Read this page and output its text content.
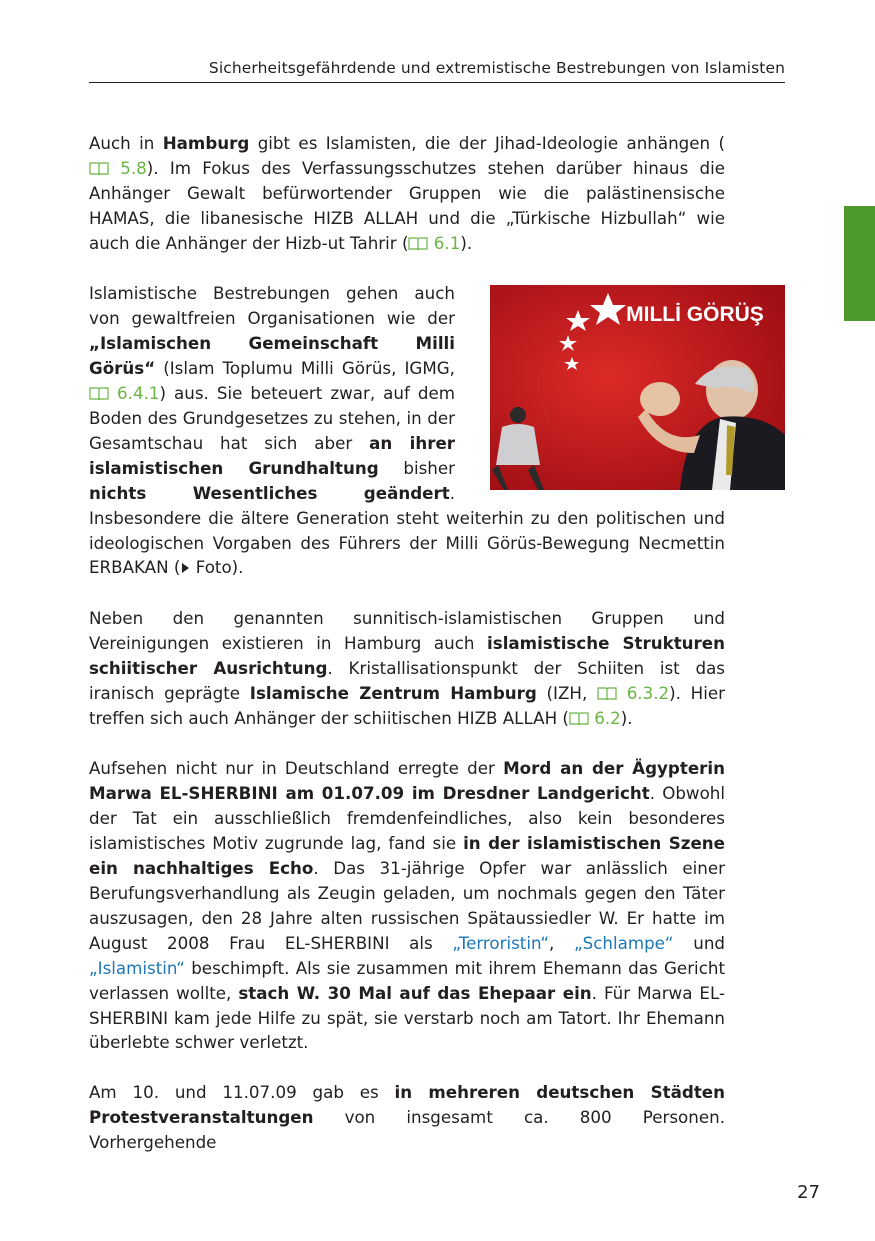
Sicherheitsgefährdende und extremistische Bestrebungen von Islamisten
Auch in Hamburg gibt es Islamisten, die der Jihad-Ideologie anhängen ( 5.8). Im Fokus des Verfassungsschutzes stehen darüber hinaus die Anhänger Gewalt befürwortender Gruppen wie die palästinensische HAMAS, die libanesische HIZB ALLAH und die „Türkische Hizbullah“ wie auch die Anhänger der Hizb-ut Tahrir ( 6.1).
MILLİ GÖRÜŞ
Islamistische Bestrebungen gehen auch von gewaltfreien Organisationen wie der „Islamischen Gemeinschaft Milli Görüs“ (Islam Toplumu Milli Görüs, IGMG,  6.4.1) aus. Sie beteuert zwar, auf dem Boden des Grundgesetzes zu stehen, in der Gesamtschau hat sich aber an ihrer islamistischen Grundhaltung bisher nichts Wesentliches geändert. Insbesondere die ältere Generation steht weiterhin zu den politischen und ideologischen Vorgaben des Führers der Milli Görüs-Bewegung Necmettin ERBAKAN ( Foto).
Neben den genannten sunnitisch-islamistischen Gruppen und Vereinigungen existieren in Hamburg auch islamistische Strukturen schiitischer Ausrichtung. Kristallisationspunkt der Schiiten ist das iranisch geprägte Islamische Zentrum Hamburg (IZH,  6.3.2). Hier treffen sich auch Anhänger der schiitischen HIZB ALLAH ( 6.2).
Aufsehen nicht nur in Deutschland erregte der Mord an der Ägypterin Marwa EL-SHERBINI am 01.07.09 im Dresdner Landgericht. Obwohl der Tat ein ausschließlich fremdenfeindliches, also kein besonderes islamistisches Motiv zugrunde lag, fand sie in der islamistischen Szene ein nachhaltiges Echo. Das 31-jährige Opfer war anlässlich einer Berufungsverhandlung als Zeugin geladen, um nochmals gegen den Täter auszusagen, den 28 Jahre alten russischen Spätaussiedler W. Er hatte im August 2008 Frau EL-SHERBINI als „Terroristin“, „Schlampe“ und „Islamistin“ beschimpft. Als sie zusammen mit ihrem Ehemann das Gericht verlassen wollte, stach W. 30 Mal auf das Ehepaar ein. Für Marwa EL-SHERBINI kam jede Hilfe zu spät, sie verstarb noch am Tatort. Ihr Ehemann überlebte schwer verletzt.
Am 10. und 11.07.09 gab es in mehreren deutschen Städten Protestveranstaltungen von insgesamt ca. 800 Personen. Vorhergehende
27
